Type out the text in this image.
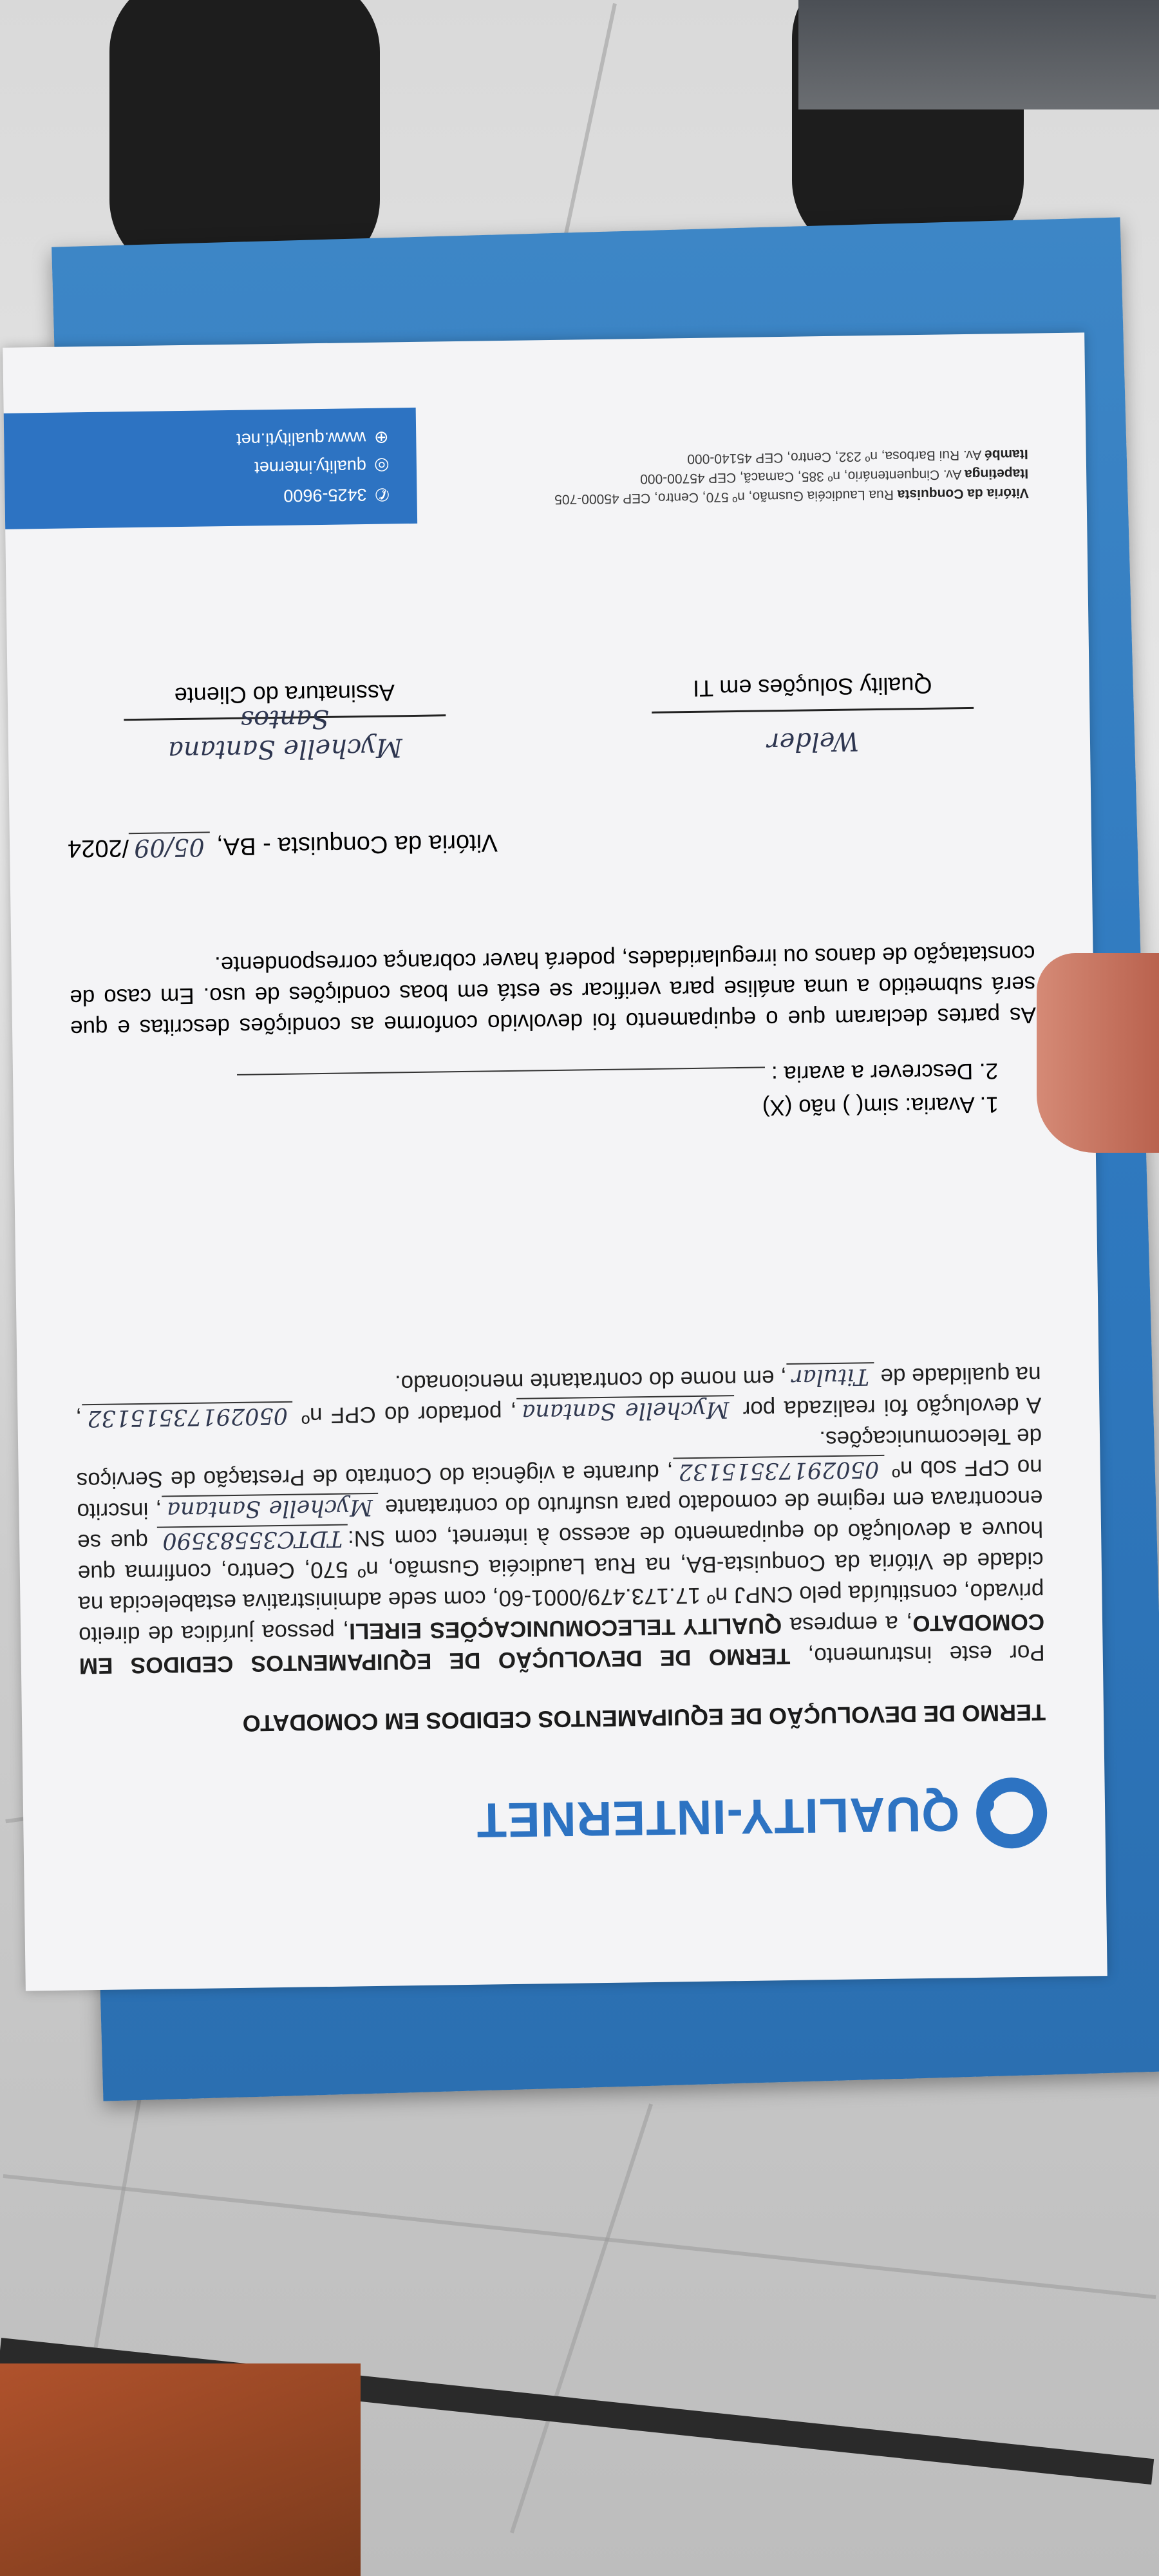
QUALITY-INTERNET
TERMO DE DEVOLUÇÃO DE EQUIPAMENTOS CEDIDOS EM COMODATO
Por este instrumento, TERMO DE DEVOLUÇÃO DE EQUIPAMENTOS CEDIDOS EM COMODATO, a empresa QUALITY TELECOMUNICAÇÕES EIRELI, pessoa jurídica de direito privado, constituída pelo CNPJ nº 17.173.479/0001-60, com sede administrativa estabelecida na cidade de Vitória da Conquista-BA, na Rua Laudicéia Gusmão, nº 570, Centro, confirma que houve a devolução do equipamento de acesso à internet, com SN:TDTC35583590 que se encontrava em regime de comodato para usufruto do contratante Mychelle Santana, inscrito no CPF sob nº 05029173515132, durante a vigência do Contrato de Prestação de Serviços de Telecomunicações.
A devolução foi realizada por Mychelle Santana, portador do CPF nº 05029173515132, na qualidade de Titular, em nome do contratante mencionado.
1. Avaria: sim( ) não (X)
2. Descrever a avaria :
As partes declaram que o equipamento foi devolvido conforme as condições descritas e que será submetido a uma análise para verificar se está em boas condições de uso. Em caso de constatação de danos ou irregularidades, poderá haver cobrança correspondente.
Vitória da Conquista - BA, 05/09/2024
Mychelle Santana Santos
Assinatura do Cliente
Welder
Quality Soluções em TI
Vitória da Conquista Rua Laudicéia Gusmão, nº 570, Centro, CEP 45000-705
Itapetinga Av. Cinquentenário, nº 385, Camacã, CEP 45700-000
Itambé Av. Rui Barbosa, nº 232, Centro, CEP 45140-000
✆3425-9600
◎quality.internet
⊕www.qualityti.net
